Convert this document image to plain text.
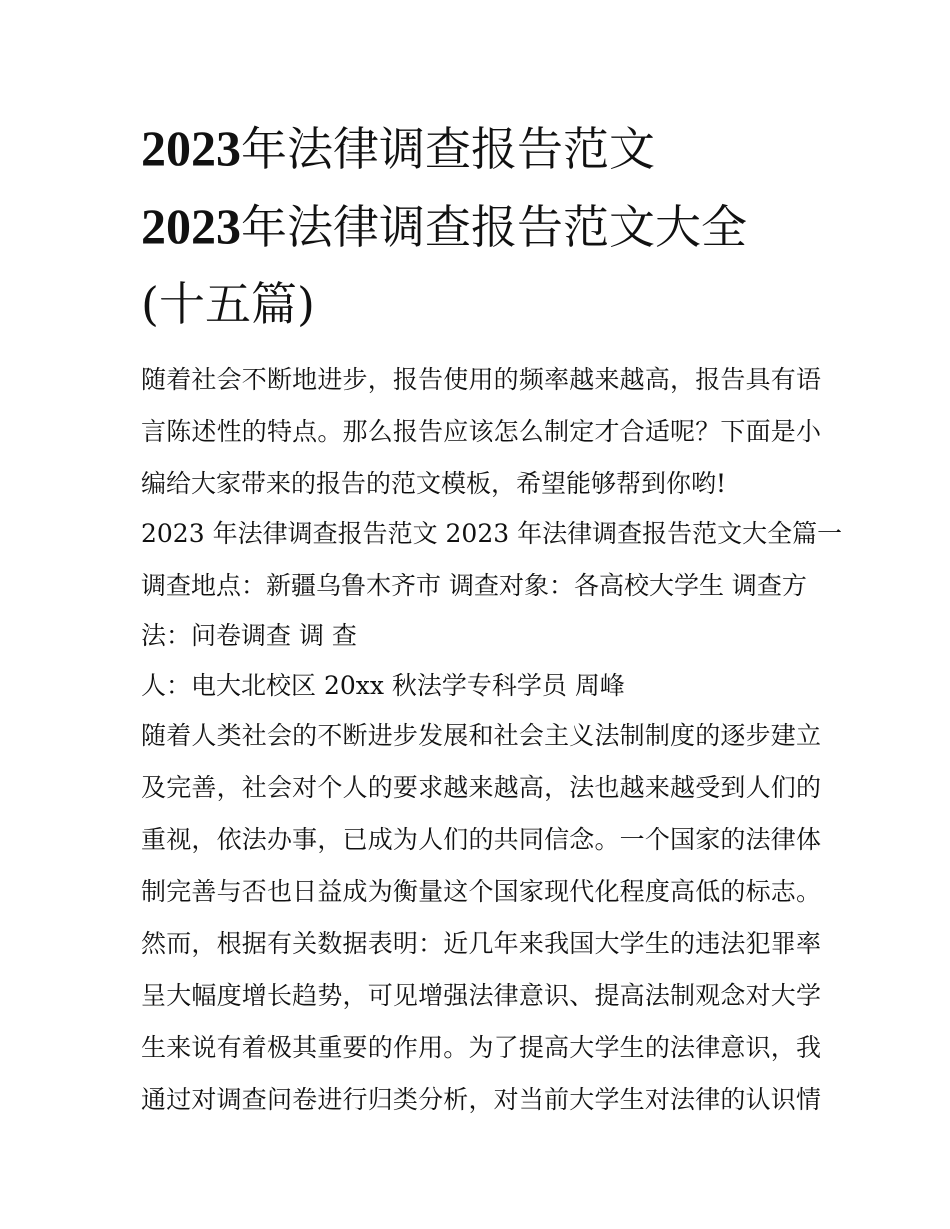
2023年法律调查报告范文
2023年法律调查报告范文大全
(十五篇)
随着社会不断地进步，报告使用的频率越来越高，报告具有语
言陈述性的特点。那么报告应该怎么制定才合适呢？下面是小
编给大家带来的报告的范文模板，希望能够帮到你哟!
2023 年法律调查报告范文 2023 年法律调查报告范文大全篇一
调查地点：新疆乌鲁木齐市 调查对象：各高校大学生 调查方
法：问卷调查 调 查
人：电大北校区 20xx 秋法学专科学员 周峰
随着人类社会的不断进步发展和社会主义法制制度的逐步建立
及完善，社会对个人的要求越来越高，法也越来越受到人们的
重视，依法办事，已成为人们的共同信念。一个国家的法律体
制完善与否也日益成为衡量这个国家现代化程度高低的标志。
然而，根据有关数据表明：近几年来我国大学生的违法犯罪率
呈大幅度增长趋势，可见增强法律意识、提高法制观念对大学
生来说有着极其重要的作用。为了提高大学生的法律意识，我
通过对调查问卷进行归类分析，对当前大学生对法律的认识情
